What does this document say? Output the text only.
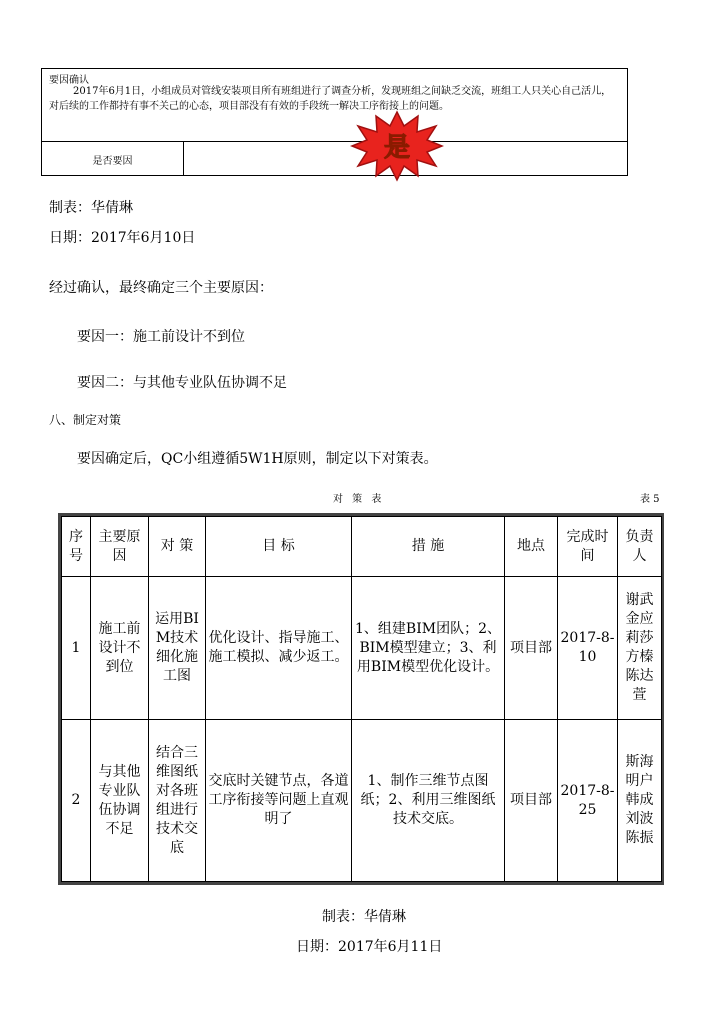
要因确认
2017年6月1日，小组成员对管线安装项目所有班组进行了调查分析，发现班组之间缺乏交流，班组工人只关心自己活儿，对后续的工作都持有事不关己的心态，项目部没有有效的手段统一解决工序衔接上的问题。
是否要因	是
制表：华倩琳
日期：2017年6月10日
经过确认，最终确定三个主要原因：
要因一：施工前设计不到位
要因二：与其他专业队伍协调不足
八、制定对策
要因确定后，QC小组遵循5W1H原则，制定以下对策表。
对 策 表	表 5
序号	主要原因	对 策	目 标	措 施	地点	完成时间	负责人
1	施工前设计不到位	运用BIM技术细化施工图	优化设计、指导施工、施工模拟、减少返工。	1、组建BIM团队；2、BIM模型建立；3、利用BIM模型优化设计。	项目部	2017-8-10	谢武金应莉莎方榛陈达萱
2	与其他专业队伍协调不足	结合三维图纸对各班组进行技术交底	交底时关键节点，各道工序衔接等问题上直观明了	1、制作三维节点图纸；2、利用三维图纸技术交底。	项目部	2017-8-25	斯海明户韩成刘波陈振
制表：华倩琳
日期：2017年6月11日
